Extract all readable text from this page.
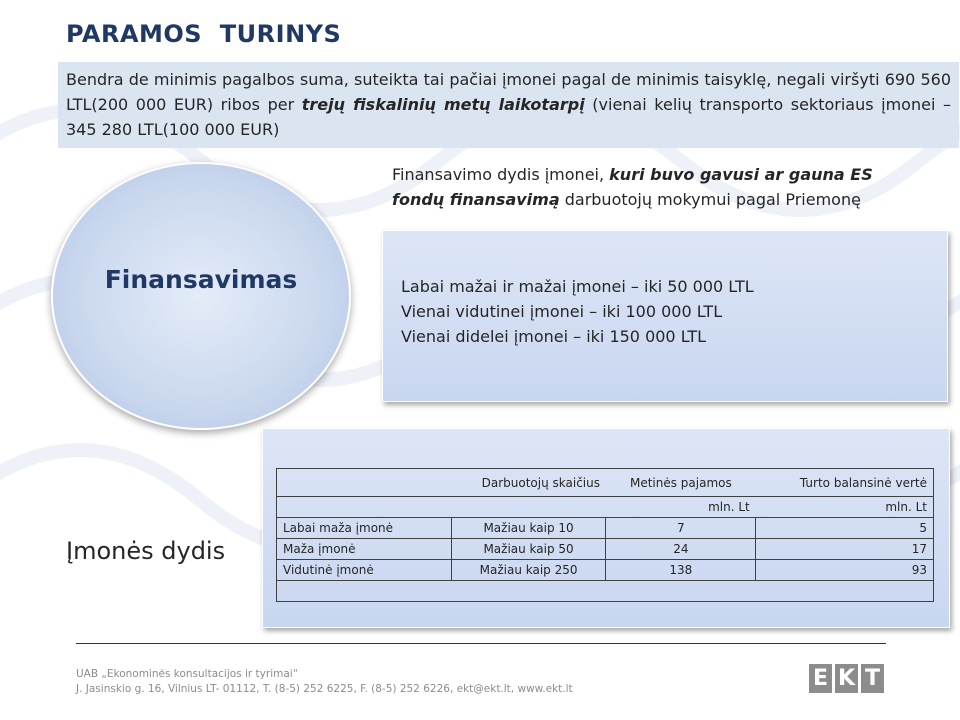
PARAMOS  TURINYS
Bendra de minimis pagalbos suma, suteikta tai pačiai įmonei pagal de minimis taisyklę, negali viršyti 690 560 LTL(200 000 EUR) ribos per trejų fiskalinių metų laikotarpį (vienai kelių transporto sektoriaus įmonei – 345 280 LTL(100 000 EUR)
Finansavimas
Finansavimo dydis įmonei, kuri buvo gavusi ar gauna ES fondų finansavimą darbuotojų mokymui pagal Priemonę
Labai mažai ir mažai įmonei – iki 50 000 LTL
Vienai vidutinei įmonei – iki 100 000 LTL
Vienai didelei įmonei – iki 150 000 LTL
Įmonės dydis
	Darbuotojų skaičius	Metinės pajamos	Turto balansinė vertė
		mln. Lt	mln. Lt
Labai maža įmonė	Mažiau kaip 10	7	5
Maža įmonė	Mažiau kaip 50	24	17
Vidutinė įmonė	Mažiau kaip 250	138	93

UAB „Ekonominės konsultacijos ir tyrimai“
J. Jasinskio g. 16, Vilnius LT- 01112, T. (8-5) 252 6225, F. (8-5) 252 6226, ekt@ekt.lt, www.ekt.lt	E K T
